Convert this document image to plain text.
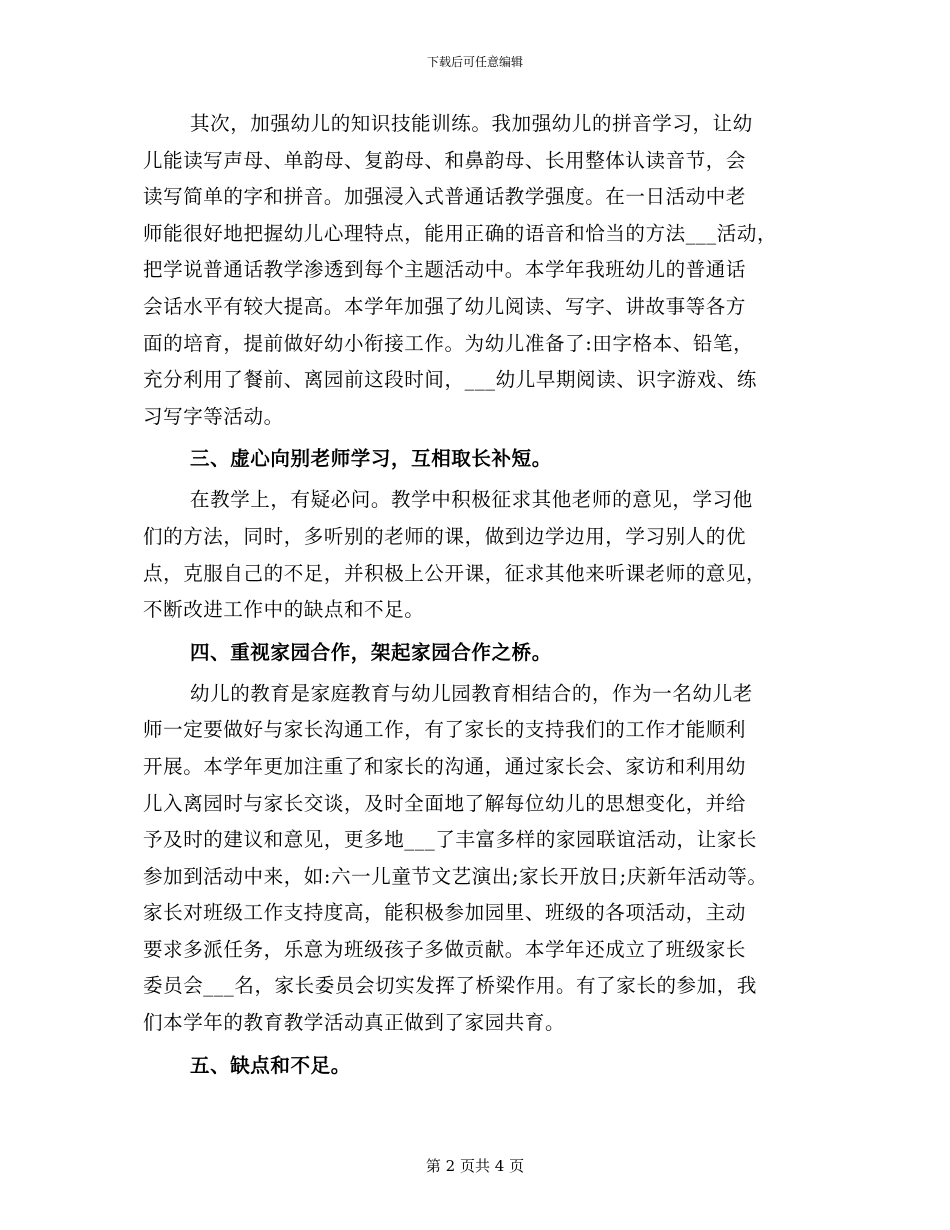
下载后可任意编辑
其次，加强幼儿的知识技能训练。我加强幼儿的拼音学习，让幼
儿能读写声母、单韵母、复韵母、和鼻韵母、长用整体认读音节，会
读写简单的字和拼音。加强浸入式普通话教学强度。在一日活动中老
师能很好地把握幼儿心理特点，能用正确的语音和恰当的方法___活动，
把学说普通话教学渗透到每个主题活动中。本学年我班幼儿的普通话
会话水平有较大提高。本学年加强了幼儿阅读、写字、讲故事等各方
面的培育，提前做好幼小衔接工作。为幼儿准备了:田字格本、铅笔，
充分利用了餐前、离园前这段时间，___幼儿早期阅读、识字游戏、练
习写字等活动。
三、虚心向别老师学习，互相取长补短。
在教学上，有疑必问。教学中积极征求其他老师的意见，学习他
们的方法，同时，多听别的老师的课，做到边学边用，学习别人的优
点，克服自己的不足，并积极上公开课，征求其他来听课老师的意见，
不断改进工作中的缺点和不足。
四、重视家园合作，架起家园合作之桥。
幼儿的教育是家庭教育与幼儿园教育相结合的，作为一名幼儿老
师一定要做好与家长沟通工作，有了家长的支持我们的工作才能顺利
开展。本学年更加注重了和家长的沟通，通过家长会、家访和利用幼
儿入离园时与家长交谈，及时全面地了解每位幼儿的思想变化，并给
予及时的建议和意见，更多地___了丰富多样的家园联谊活动，让家长
参加到活动中来，如:六一儿童节文艺演出;家长开放日;庆新年活动等。
家长对班级工作支持度高，能积极参加园里、班级的各项活动，主动
要求多派任务，乐意为班级孩子多做贡献。本学年还成立了班级家长
委员会___名，家长委员会切实发挥了桥梁作用。有了家长的参加，我
们本学年的教育教学活动真正做到了家园共育。
五、缺点和不足。
第 2 页共 4 页
